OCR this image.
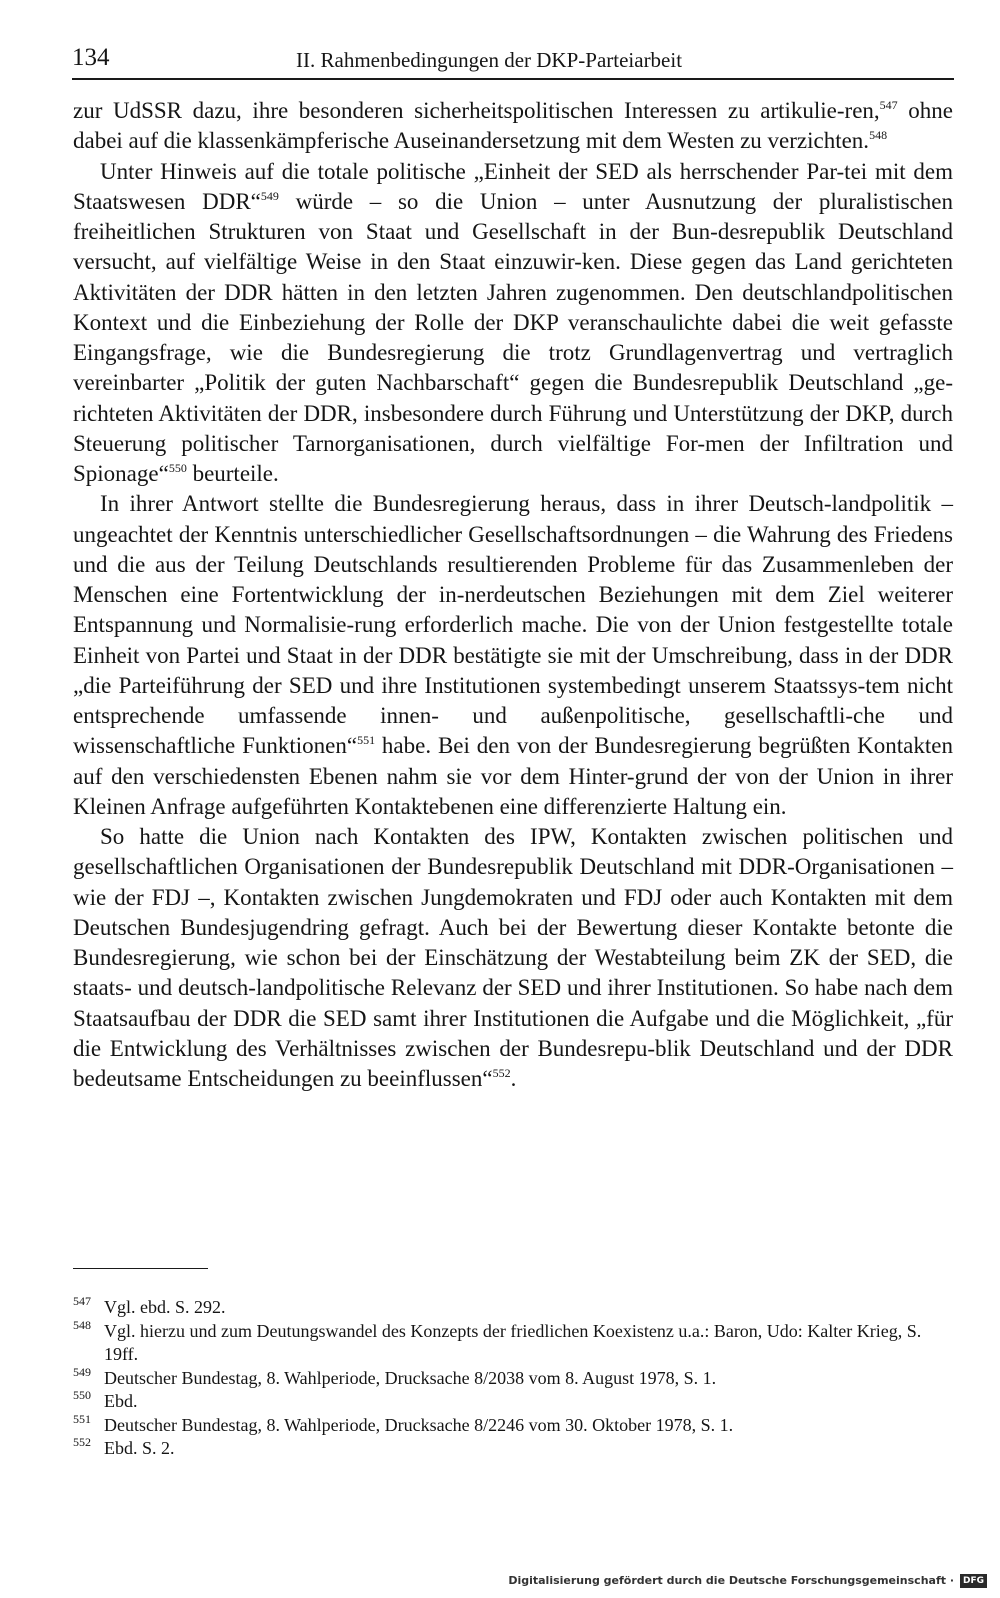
134	II. Rahmenbedingungen der DKP-Parteiarbeit

zur UdSSR dazu, ihre besonderen sicherheitspolitischen Interessen zu artikulie-ren,$^{547}$ ohne dabei auf die klassenkämpferische Auseinandersetzung mit dem Westen zu verzichten.$^{548}$

Unter Hinweis auf die totale politische „Einheit der SED als herrschender Par-tei mit dem Staatswesen DDR“$^{549}$ würde – so die Union – unter Ausnutzung der pluralistischen freiheitlichen Strukturen von Staat und Gesellschaft in der Bun-desrepublik Deutschland versucht, auf vielfältige Weise in den Staat einzuwir-ken. Diese gegen das Land gerichteten Aktivitäten der DDR hätten in den letzten Jahren zugenommen. Den deutschlandpolitischen Kontext und die Einbeziehung der Rolle der DKP veranschaulichte dabei die weit gefasste Eingangsfrage, wie die Bundesregierung die trotz Grundlagenvertrag und vertraglich vereinbarter „Politik der guten Nachbarschaft“ gegen die Bundesrepublik Deutschland „ge-richteten Aktivitäten der DDR, insbesondere durch Führung und Unterstützung der DKP, durch Steuerung politischer Tarnorganisationen, durch vielfältige For-men der Infiltration und Spionage“$^{550}$ beurteile.

In ihrer Antwort stellte die Bundesregierung heraus, dass in ihrer Deutsch-landpolitik – ungeachtet der Kenntnis unterschiedlicher Gesellschaftsordnungen – die Wahrung des Friedens und die aus der Teilung Deutschlands resultierenden Probleme für das Zusammenleben der Menschen eine Fortentwicklung der in-nerdeutschen Beziehungen mit dem Ziel weiterer Entspannung und Normalisie-rung erforderlich mache. Die von der Union festgestellte totale Einheit von Partei und Staat in der DDR bestätigte sie mit der Umschreibung, dass in der DDR „die Parteiführung der SED und ihre Institutionen systembedingt unserem Staatssys-tem nicht entsprechende umfassende innen- und außenpolitische, gesellschaftli-che und wissenschaftliche Funktionen“$^{551}$ habe. Bei den von der Bundesregierung begrüßten Kontakten auf den verschiedensten Ebenen nahm sie vor dem Hinter-grund der von der Union in ihrer Kleinen Anfrage aufgeführten Kontaktebenen eine differenzierte Haltung ein.

So hatte die Union nach Kontakten des IPW, Kontakten zwischen politischen und gesellschaftlichen Organisationen der Bundesrepublik Deutschland mit DDR-Organisationen – wie der FDJ –, Kontakten zwischen Jungdemokraten und FDJ oder auch Kontakten mit dem Deutschen Bundesjugendring gefragt. Auch bei der Bewertung dieser Kontakte betonte die Bundesregierung, wie schon bei der Einschätzung der Westabteilung beim ZK der SED, die staats- und deutsch-landpolitische Relevanz der SED und ihrer Institutionen. So habe nach dem Staatsaufbau der DDR die SED samt ihrer Institutionen die Aufgabe und die Möglichkeit, „für die Entwicklung des Verhältnisses zwischen der Bundesrepu-blik Deutschland und der DDR bedeutsame Entscheidungen zu beeinflussen“$^{552}$.

547 Vgl. ebd. S. 292.
548 Vgl. hierzu und zum Deutungswandel des Konzepts der friedlichen Koexistenz u.a.: Baron, Udo: Kalter Krieg, S. 19ff.
549 Deutscher Bundestag, 8. Wahlperiode, Drucksache 8/2038 vom 8. August 1978, S. 1.
550 Ebd.
551 Deutscher Bundestag, 8. Wahlperiode, Drucksache 8/2246 vom 30. Oktober 1978, S. 1.
552 Ebd. S. 2.
Digitalisierung gefördert durch die Deutsche Forschungsgemeinschaft · DFG
